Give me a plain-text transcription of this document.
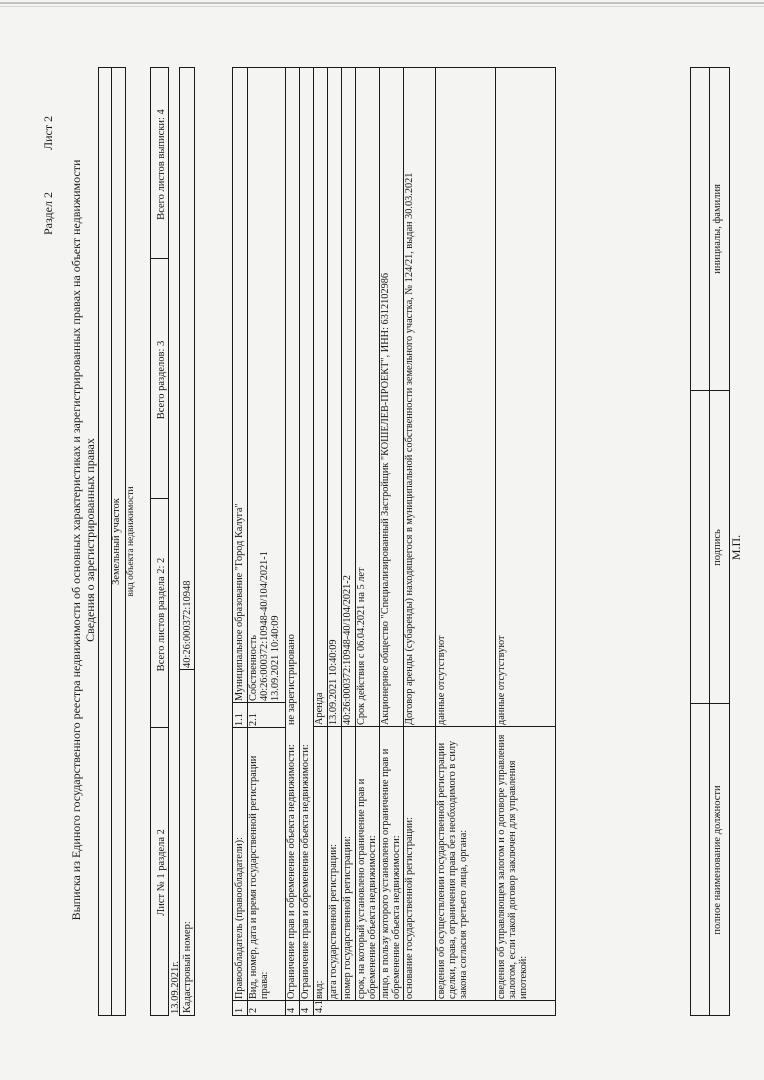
Раздел 2
Лист 2
Выписка из Единого государственного реестра недвижимости об основных характеристиках и зарегистрированных правах на объект недвижимости Сведения о зарегистрированных правах Земельный участок вид объекта недвижимости
Лист № 1 раздела 2
Всего листов раздела 2: 2
Всего разделов: 3
Всего листов выписки: 4
13.09.2021г. Кадастровый номер:
40:26:000372:10948
1
Правообладатель (правообладатели):
1.1
Муниципальное образование "Город Калуга"
2
Вид, номер, дата и время государственной регистрации права:
2.1
Собственность
40:26:000372:10948-40/104/2021-1
13.09.2021 10:40:09
4
Ограничение прав и обременение объекта недвижимости:
не зарегистрировано
4
Ограничение прав и обременение объекта недвижимости:
4.1
вид:
Аренда
дата государственной регистрации:
13.09.2021 10:40:09
номер государственной регистрации:
40:26:000372:10948-40/104/2021-2
срок, на который установлено ограничение прав и обременение объекта недвижимости:
Срок действия с 06.04.2021 на 5 лет
лицо, в пользу которого установлено ограничение прав и обременение объекта недвижимости:
Акционерное общество "Специализированный Застройщик "КОШЕЛЕВ-ПРОЕКТ", ИНН: 6312102986
основание государственной регистрации:
Договор аренды (субаренды) находящегося в муниципальной собственности земельного участка, № 124/21, выдан 30.03.2021
сведения об осуществлении государственной регистрации сделки, права, ограничения права без необходимого в силу закона согласия третьего лица, органа:
данные отсутствуют
сведения об управляющем залогом и о договоре управления залогом, если такой договор заключен для управления ипотекой:
данные отсутствуют
полное наименование должности
подпись
инициалы, фамилия
М.П.
